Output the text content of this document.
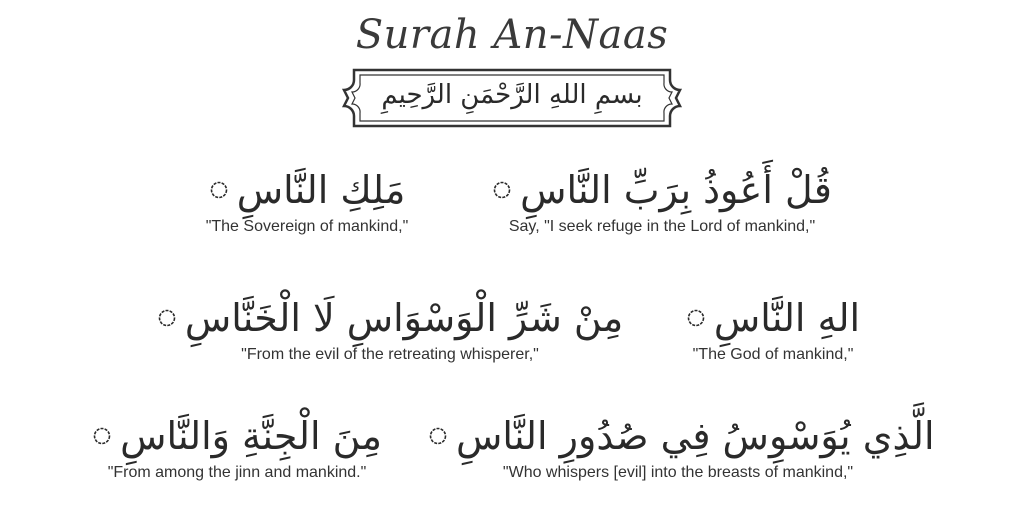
Surah An-Naas
بسمِ اللهِ الرَّحْمَنِ الرَّحِيمِ
قُلْ أَعُوذُ بِرَبِّ النَّاسِ
Say, "I seek refuge in the Lord of mankind,"
مَلِكِ النَّاسِ
"The Sovereign of mankind,"
الهِ النَّاسِ
"The God of mankind,"
مِنْ شَرِّ الْوَسْوَاسِ لَا الْخَنَّاسِ
"From the evil of the retreating whisperer,"
الَّذِي يُوَسْوِسُ فِي صُدُورِ النَّاسِ
"Who whispers [evil] into the breasts of mankind,"
مِنَ الْجِنَّةِ وَالنَّاسِ
"From among the jinn and mankind."
